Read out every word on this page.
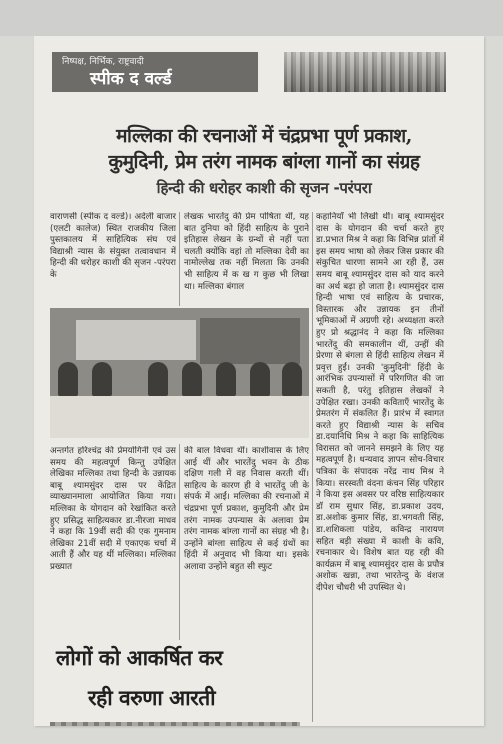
निष्पक्ष, निर्भिक, राष्ट्रवादी
स्पीक द वर्ल्ड
मल्लिका की रचनाओं में चंद्रप्रभा पूर्ण प्रकाश,
कुमुदिनी, प्रेम तरंग नामक बांग्ला गानों का संग्रह
हिन्दी की धरोहर काशी की सृजन -परंपरा
वाराणसी (स्पीक द वर्ल्ड)। अर्दली बाजार (एलटी कालेज) स्थित राजकीय जिला पुस्तकालय में साहित्यिक संघ एवं विद्याश्री न्यास के संयुक्त तत्वावधान में हिन्दी की धरोहर काशी की सृजन -परंपरा के
लेखक भारतेंदु की प्रेम पोषिता थीं, यह बात दुनिया को हिंदी साहित्य के पुराने इतिहास लेखन के ग्रन्थों से नहीं पता चलती क्योंकि वहां तो मल्लिका देवी का नामोल्लेख तक नहीं मिलता कि उनकी भी साहित्य में क ख ग कुछ भी लिखा था। मल्लिका बंगाल
कहानियाँ भी लिखी थीं। बाबू श्यामसुंदर दास के योगदान की चर्चा करते हुए डा.प्रभात मिश्र ने कहा कि विभिन्न प्रांतों में इस समय भाषा को लेकर जिस प्रकार की संकुचित धारणा सामने आ रही हैं, उस समय बाबू श्यामसुंदर दास को याद करने का अर्थ बढ़ा हो जाता है। श्यामसुंदर दास हिन्दी भाषा एवं साहित्य के प्रचारक, विस्तारक और उन्नायक इन तीनों भूमिकाओं में अग्रणी रहे। अध्यक्षता करते हुए प्रो श्रद्धानंद ने कहा कि मल्लिका भारतेंदु की समकालीन थीं, उन्हीं की प्रेरणा से बंगला से हिंदी साहित्य लेखन में प्रवृत्त हुईं। उनकी 'कुमुदिनी' हिंदी के आरंभिक उपन्यासों में परिगणित की जा सकती है, परंतु इतिहास लेखकों ने उपेक्षित रखा। उनकी कविताएँ भारतेंदु के प्रेमतरंग में संकलित हैं। प्रारंभ में स्वागत करते हुए विद्याश्री न्यास के सचिव डा.दयानिधि मिश्र ने कहा कि साहित्यिक विरासत को जानने समझने के लिए यह महत्वपूर्ण है। धन्यवाद ज्ञापन सोच-विचार पत्रिका के संपादक नरेंद्र नाथ मिश्र ने किया। सरस्वती वंदना कंचन सिंह परिहार ने किया इस अवसर पर वरिष्ठ साहित्यकार डॉ राम सुधार सिंह, डा.प्रकाश उदय, डा.अशोक कुमार सिंह, डा.भगवती सिंह, डा.शशिकला पांडेय, कविन्द्र नारायण सहित बड़ी संख्या में काशी के कवि, रचनाकार थे। विशेष बात यह रही की कार्यक्रम में बाबू श्यामसुंदर दास के प्रपौत्र अशोक खन्ना, तथा भारतेन्दु के वंशज दीपेश चौधरी भी उपस्थित थे।
अन्तर्गत हरिश्चंद्र की प्रेमयोगिनी एवं उस समय की महत्वपूर्ण किन्तु उपेक्षित लेखिका मल्लिका तथा हिन्दी के उन्नायक बाबू श्यामसुंदर दास पर केंद्रित व्याख्यानमाला आयोजित किया गया। मल्लिका के योगदान को रेखांकित करते हुए प्रसिद्ध साहित्यकार डा.नीरजा माधव ने कहा कि 19वीं सदी की एक गुमनाम लेखिका 21वीं सदी में एकाएक चर्चा में आती हैं और यह थीं मल्लिका। मल्लिका प्रख्यात
की बाल विधवा थीं। काशीवास के लिए आई थीं और भारतेंदु भवन के ठीक दक्षिण गली में वह निवास करती थीं। साहित्य के कारण ही वे भारतेंदु जी के संपर्क में आईं। मल्लिका की रचनाओं में चंद्रप्रभा पूर्ण प्रकाश, कुमुदिनी और प्रेम तरंग नामक उपन्यास के अलावा प्रेम तरंग नामक बांग्ला गानों का संग्रह भी है। उन्होंने बांग्ला साहित्य से कई ग्रंथों का हिंदी में अनुवाद भी किया था। इसके अलावा उन्होंने बहुत सी स्फुट
लोगों को आकर्षित कर
रही वरुणा आरती
